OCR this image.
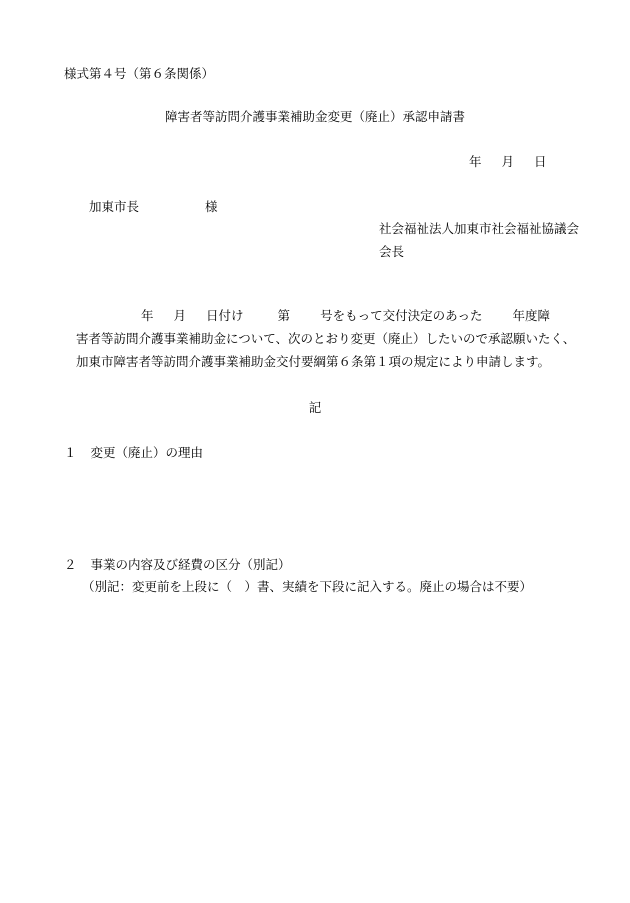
様式第４号（第６条関係）
障害者等訪問介護事業補助金変更（廃止）承認申請書
年 月 日
加東市長	様
社会福祉法人加東市社会福祉協議会
会長
年 月 日付け	第 号をもって交付決定のあった 年度障
害者等訪問介護事業補助金について、次のとおり変更（廃止）したいので承認願いたく、
加東市障害者等訪問介護事業補助金交付要綱第６条第１項の規定により申請します。
記
１ 変更（廃止）の理由
２ 事業の内容及び経費の区分（別記）
（別記：変更前を上段に（　）書、実績を下段に記入する。廃止の場合は不要）
